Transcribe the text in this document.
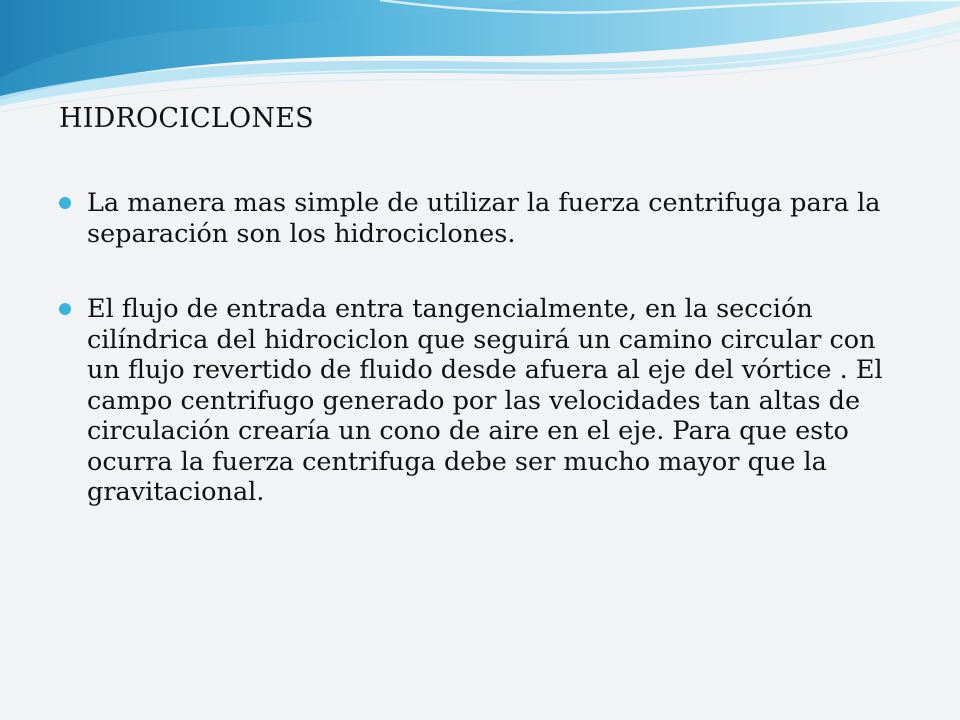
HIDROCICLONES
La manera mas simple de utilizar la fuerza centrifuga para la separación son los hidrociclones.
El flujo de entrada entra tangencialmente, en la sección cilíndrica del hidrociclon que seguirá un camino circular con un flujo revertido de fluido desde afuera al eje del vórtice . El campo centrifugo generado por las velocidades tan altas de circulación crearía un cono de aire en el eje. Para que esto ocurra la fuerza centrifuga debe ser mucho mayor que la gravitacional.
